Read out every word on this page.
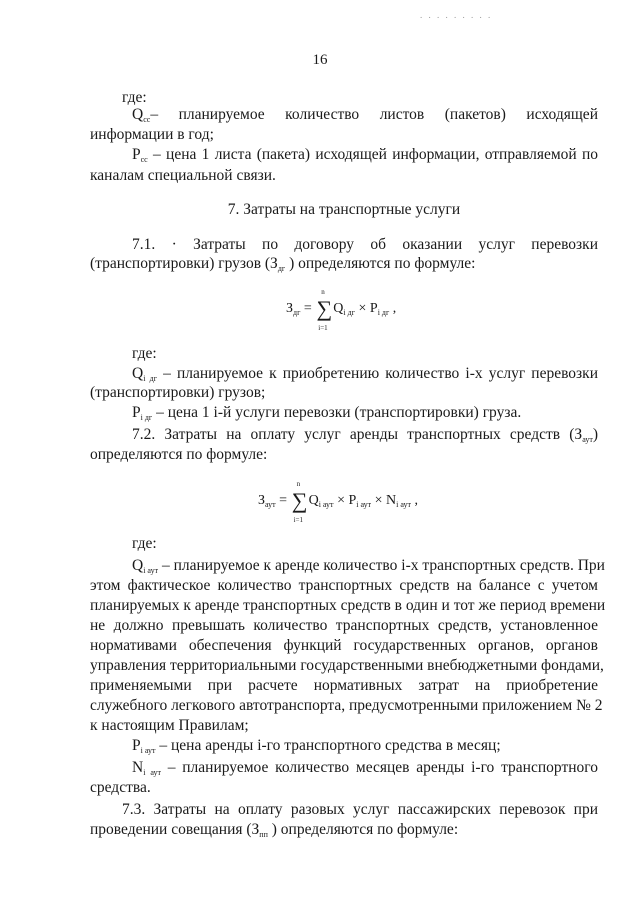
. . . . . . . . .
16
где:
$Q_{сс}-$ планируемое количество листов (пакетов) исходящей
информации в год;
$P_{сс}$ – цена 1 листа (пакета) исходящей информации, отправляемой по
каналам специальной связи.
7. Затраты на транспортные услуги
7.1. · Затраты по договору об оказании услуг перевозки
(транспортировки) грузов ($З_{дг}$ ) определяются по формуле:
$З_{дг}$ =
n
∑
i=1
$Q_{i дг} \times P_{i дг}$ ,
где:
$Q_{i дг}$ – планируемое к приобретению количество i-х услуг перевозки
(транспортировки) грузов;
$P_{i дг}$ – цена 1 i-й услуги перевозки (транспортировки) груза.
7.2. Затраты на оплату услуг аренды транспортных средств $(З_{аут})$
определяются по формуле:
$З_{аут}$ =
n
∑
i=1
$Q_{i аут} \times P_{i аут} \times N_{i аут}$ ,
где:
$Q_{i аут}$ – планируемое к аренде количество i-х транспортных средств. При
этом фактическое количество транспортных средств на балансе с учетом
планируемых к аренде транспортных средств в один и тот же период времени
не должно превышать количество транспортных средств, установленное
нормативами обеспечения функций государственных органов, органов
управления территориальными государственными внебюджетными фондами,
применяемыми при расчете нормативных затрат на приобретение
служебного легкового автотранспорта, предусмотренными приложением № 2
к настоящим Правилам;
$P_{i аут}$ – цена аренды i-го транспортного средства в месяц;
$N_{i аут}$ – планируемое количество месяцев аренды i-го транспортного
средства.
7.3. Затраты на оплату разовых услуг пассажирских перевозок при
проведении совещания ($З_{пп}$ ) определяются по формуле:
